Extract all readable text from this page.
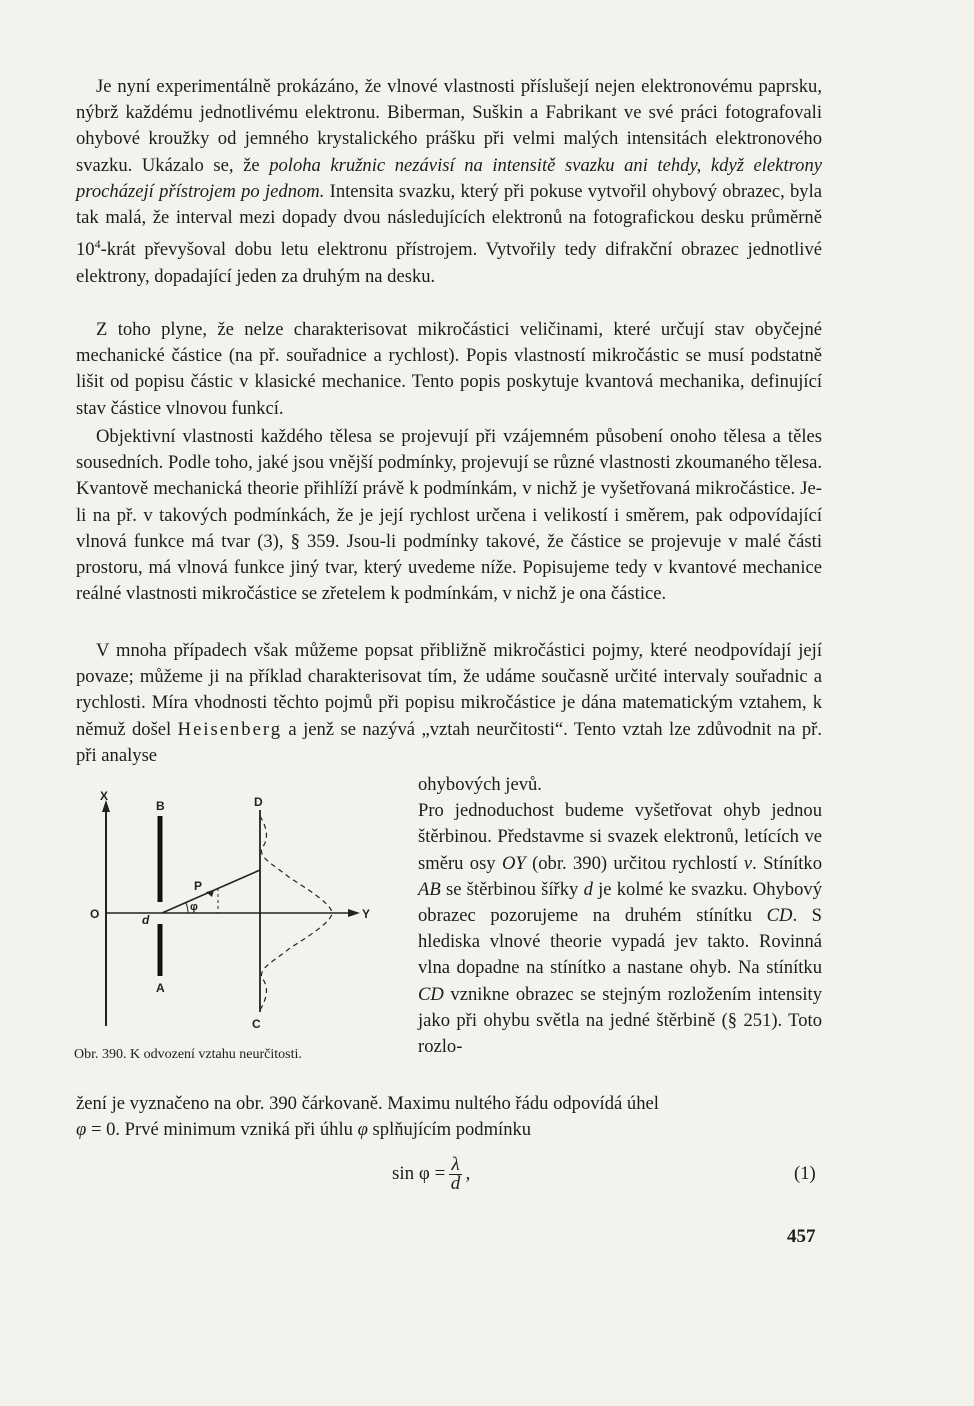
Je nyní experimentálně prokázáno, že vlnové vlastnosti příslušejí nejen elektronovému paprsku, nýbrž každému jednotlivému elektronu. Biberman, Suškin a Fabrikant ve své práci fotografovali ohybové kroužky od jemného krystalického prášku při velmi malých intensitách elektronového svazku. Ukázalo se, že poloha kružnic nezávisí na intensitě svazku ani tehdy, když elektrony procházejí přístrojem po jednom. Intensita svazku, který při pokuse vytvořil ohybový obrazec, byla tak malá, že interval mezi dopady dvou následujících elektronů na fotografickou desku průměrně $10^4$-krát převyšoval dobu letu elektronu přístrojem. Vytvořily tedy difrakční obrazec jednotlivé elektrony, dopadající jeden za druhým na desku.

Z toho plyne, že nelze charakterisovat mikročástici veličinami, které určují stav obyčejné mechanické částice (na př. souřadnice a rychlost). Popis vlastností mikročástic se musí podstatně lišit od popisu částic v klasické mechanice. Tento popis poskytuje kvantová mechanika, definující stav částice vlnovou funkcí.

Objektivní vlastnosti každého tělesa se projevují při vzájemném působení onoho tělesa a těles sousedních. Podle toho, jaké jsou vnější podmínky, projevují se různé vlastnosti zkoumaného tělesa. Kvantově mechanická theorie přihlíží právě k podmínkám, v nichž je vyšetřovaná mikročástice. Je-li na př. v takových podmínkách, že je její rychlost určena i velikostí i směrem, pak odpovídající vlnová funkce má tvar (3), § 359. Jsou-li podmínky takové, že částice se projevuje v malé části prostoru, má vlnová funkce jiný tvar, který uvedeme níže. Popisujeme tedy v kvantové mechanice reálné vlastnosti mikročástice se zřetelem k podmínkám, v nichž je ona částice.

V mnoha případech však můžeme popsat přibližně mikročástici pojmy, které neodpovídají její povaze; můžeme ji na příklad charakterisovat tím, že udáme současně určité intervaly souřadnic a rychlosti. Míra vhodnosti těchto pojmů při popisu mikročástice je dána matematickým vztahem, k němuž došel Heisenberg a jenž se nazývá „vztah neurčitosti“. Tento vztah lze zdůvodnit na př. při analyse

ohybových jevů.
Pro jednoduchost budeme vyšetřovat ohyb jednou štěrbinou. Představme si svazek elektronů, letících ve směru osy OY (obr. 390) určitou rychlostí v. Stínítko AB se štěrbinou šířky d je kolmé ke svazku. Ohybový obrazec pozorujeme na druhém stínítku CD. S hlediska vlnové theorie vypadá jev takto. Rovinná vlna dopadne na stínítko a nastane ohyb. Na stínítku CD vznikne obrazec se stejným rozložením intensity jako při ohybu světla na jedné štěrbině (§ 251). Toto rozlo-

X
B	D
O	d
P
φ	Y
A
C
Obr. 390. K odvození vztahu neurčitosti.

žení je vyznačeno na obr. 390 čárkovaně. Maximu nultého řádu odpovídá úhel
φ = 0. Prvé minimum vzniká při úhlu φ splňujícím podmínku

$\sin \varphi = \frac{\lambda}{d}$ ,	(1)
457
